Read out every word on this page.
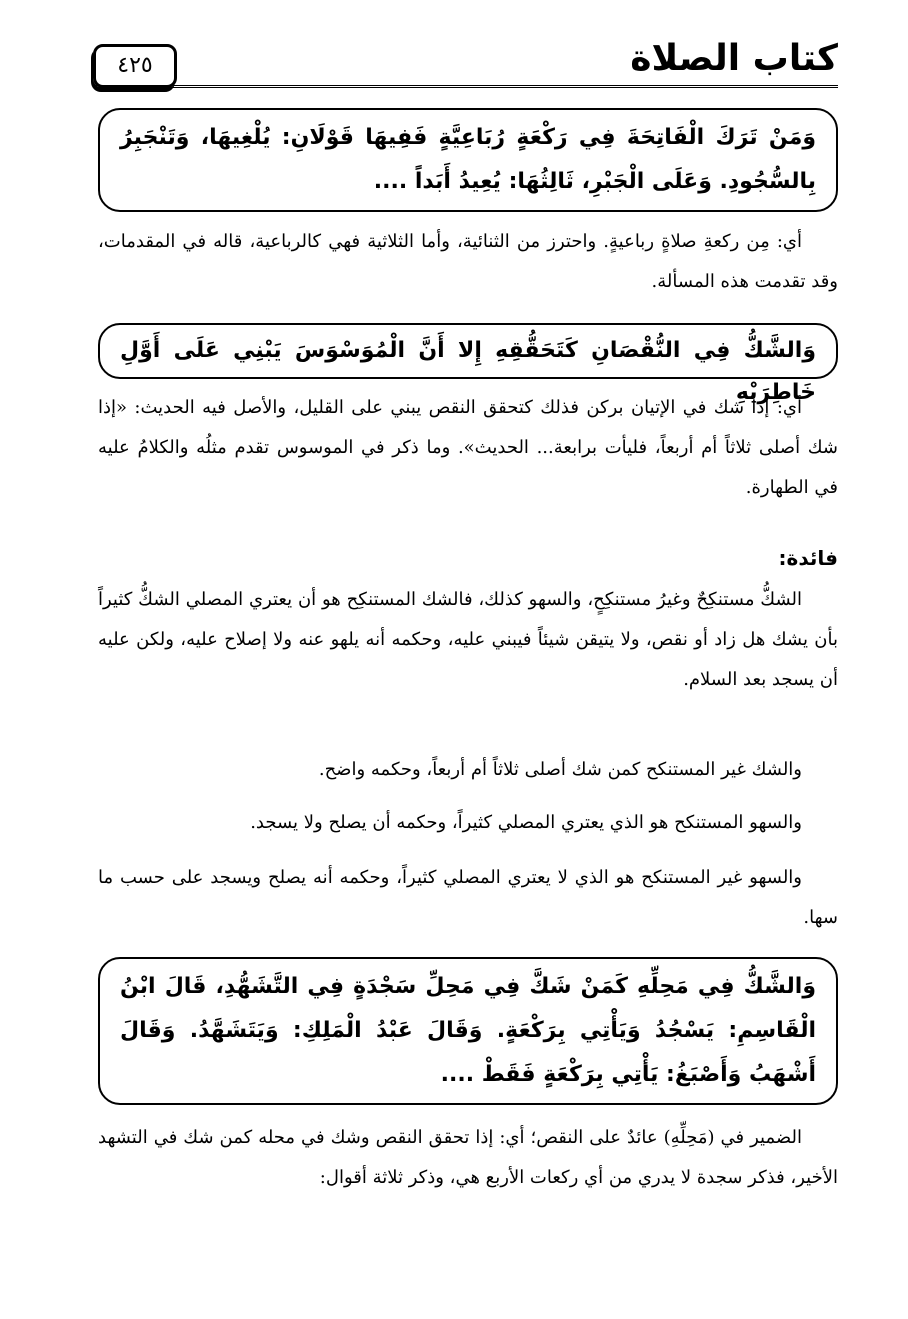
كتاب الصلاة
٤٢٥
وَمَنْ تَرَكَ الْفَاتِحَةَ فِي رَكْعَةٍ رُبَاعِيَّةٍ فَفِيهَا قَوْلَانِ: يُلْغِيهَا، وَتَنْجَبِرُ بِالسُّجُودِ. وَعَلَى الْجَبْرِ، ثَالِثُهَا: يُعِيدُ أَبَداً ....
أي: مِن ركعةِ صلاةٍ رباعيةٍ. واحترز من الثنائية، وأما الثلاثية فهي كالرباعية، قاله في المقدمات، وقد تقدمت هذه المسألة.
وَالشَّكُّ فِي النُّقْصَانِ كَتَحَقُّقِهِ إِلا أَنَّ الْمُوَسْوَسَ يَبْنِي عَلَى أَوَّلِ خَاطِرَيْهِ
أي: إذا شك في الإتيان بركن فذلك كتحقق النقص يبني على القليل، والأصل فيه الحديث: «إذا شك أصلى ثلاثاً أم أربعاً، فليأت برابعة... الحديث». وما ذكر في الموسوس تقدم مثلُه والكلامُ عليه في الطهارة.
فائدة:
الشكُّ مستنكِحٌ وغيرُ مستنكِحٍ، والسهو كذلك، فالشك المستنكِح هو أن يعتري المصلي الشكُّ كثيراً بأن يشك هل زاد أو نقص، ولا يتيقن شيئاً فيبني عليه، وحكمه أنه يلهو عنه ولا إصلاح عليه، ولكن عليه أن يسجد بعد السلام.
والشك غير المستنكح كمن شك أصلى ثلاثاً أم أربعاً، وحكمه واضح.
والسهو المستنكح هو الذي يعتري المصلي كثيراً، وحكمه أن يصلح ولا يسجد.
والسهو غير المستنكح هو الذي لا يعتري المصلي كثيراً، وحكمه أنه يصلح ويسجد على حسب ما سها.
وَالشَّكُّ فِي مَحِلِّهِ كَمَنْ شَكَّ فِي مَحِلِّ سَجْدَةٍ فِي التَّشَهُّدِ، قَالَ ابْنُ الْقَاسِمِ: يَسْجُدُ وَيَأْتِي بِرَكْعَةٍ. وَقَالَ عَبْدُ الْمَلِكِ: وَيَتَشَهَّدُ. وَقَالَ أَشْهَبُ وَأَصْبَغُ: يَأْتِي بِرَكْعَةٍ فَقَطْ ....
الضمير في (مَحِلِّهِ) عائدٌ على النقص؛ أي: إذا تحقق النقص وشك في محله كمن شك في التشهد الأخير، فذكر سجدة لا يدري من أي ركعات الأربع هي، وذكر ثلاثة أقوال:
